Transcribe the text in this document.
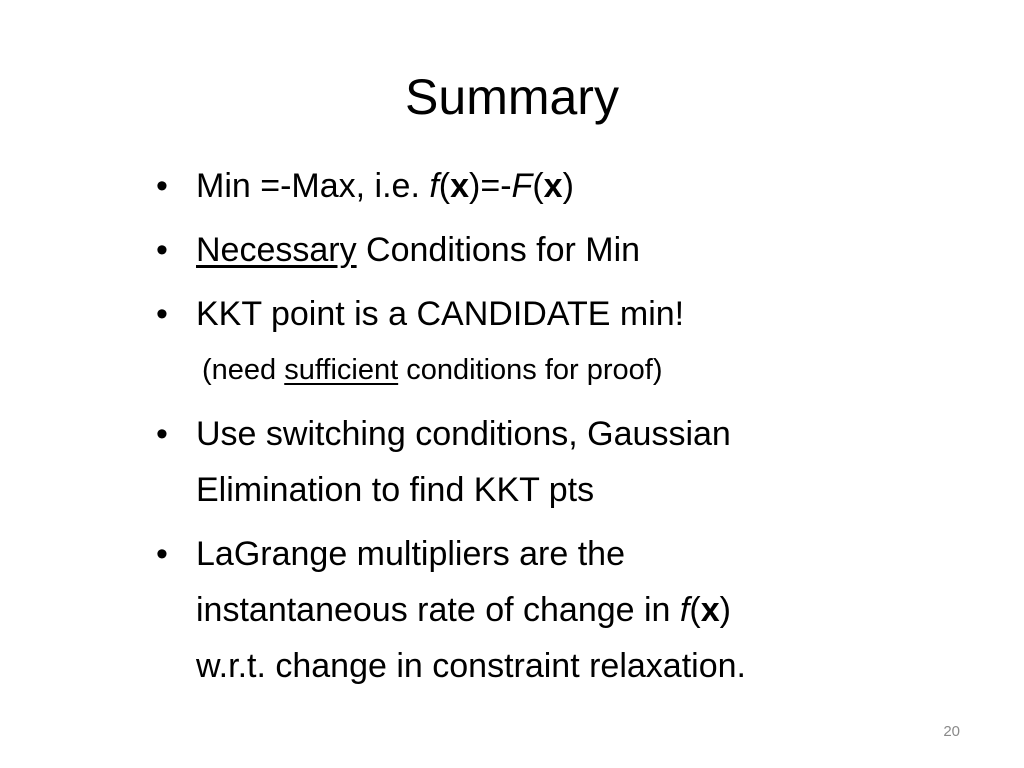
Summary
• Min =-Max, i.e. f(x)=-F(x)
• Necessary Conditions for Min
• KKT point is a CANDIDATE min!
(need sufficient conditions for proof)
• Use switching conditions, Gaussian
Elimination to find KKT pts
• LaGrange multipliers are the
instantaneous rate of change in f(x)
w.r.t. change in constraint relaxation.
20
